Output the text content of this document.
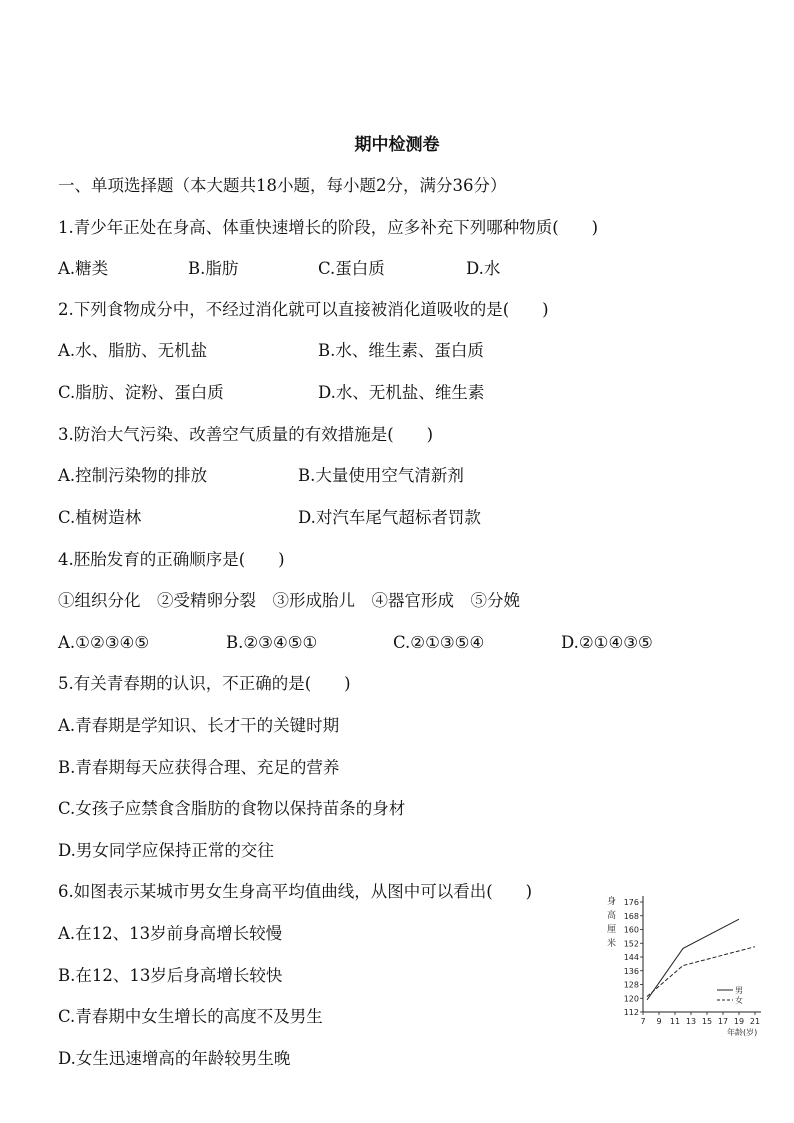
期中检测卷
一、单项选择题（本大题共18小题，每小题2分，满分36分）
1.青少年正处在身高、体重快速增长的阶段，应多补充下列哪种物质(　　)
A.糖类	B.脂肪	C.蛋白质	D.水
2.下列食物成分中，不经过消化就可以直接被消化道吸收的是(　　)
A.水、脂肪、无机盐	B.水、维生素、蛋白质
C.脂肪、淀粉、蛋白质	D.水、无机盐、维生素
3.防治大气污染、改善空气质量的有效措施是(　　)
A.控制污染物的排放	B.大量使用空气清新剂
C.植树造林	D.对汽车尾气超标者罚款
4.胚胎发育的正确顺序是(　　)
①组织分化　②受精卵分裂　③形成胎儿　④器官形成　⑤分娩
A.①②③④⑤	B.②③④⑤①	C.②①③⑤④	D.②①④③⑤
5.有关青春期的认识，不正确的是(　　)
A.青春期是学知识、长才干的关键时期
B.青春期每天应获得合理、充足的营养
C.女孩子应禁食含脂肪的食物以保持苗条的身材
D.男女同学应保持正常的交往
6.如图表示某城市男女生身高平均值曲线，从图中可以看出(　　)
A.在12、13岁前身高增长较慢
B.在12、13岁后身高增长较快
C.青春期中女生增长的高度不及男生
D.女生迅速增高的年龄较男生晚
身
高
厘
米
176
168
160
152
144
136
128
120
112
7 9 11 13 15 17 19 21
男
女
年龄(岁)
